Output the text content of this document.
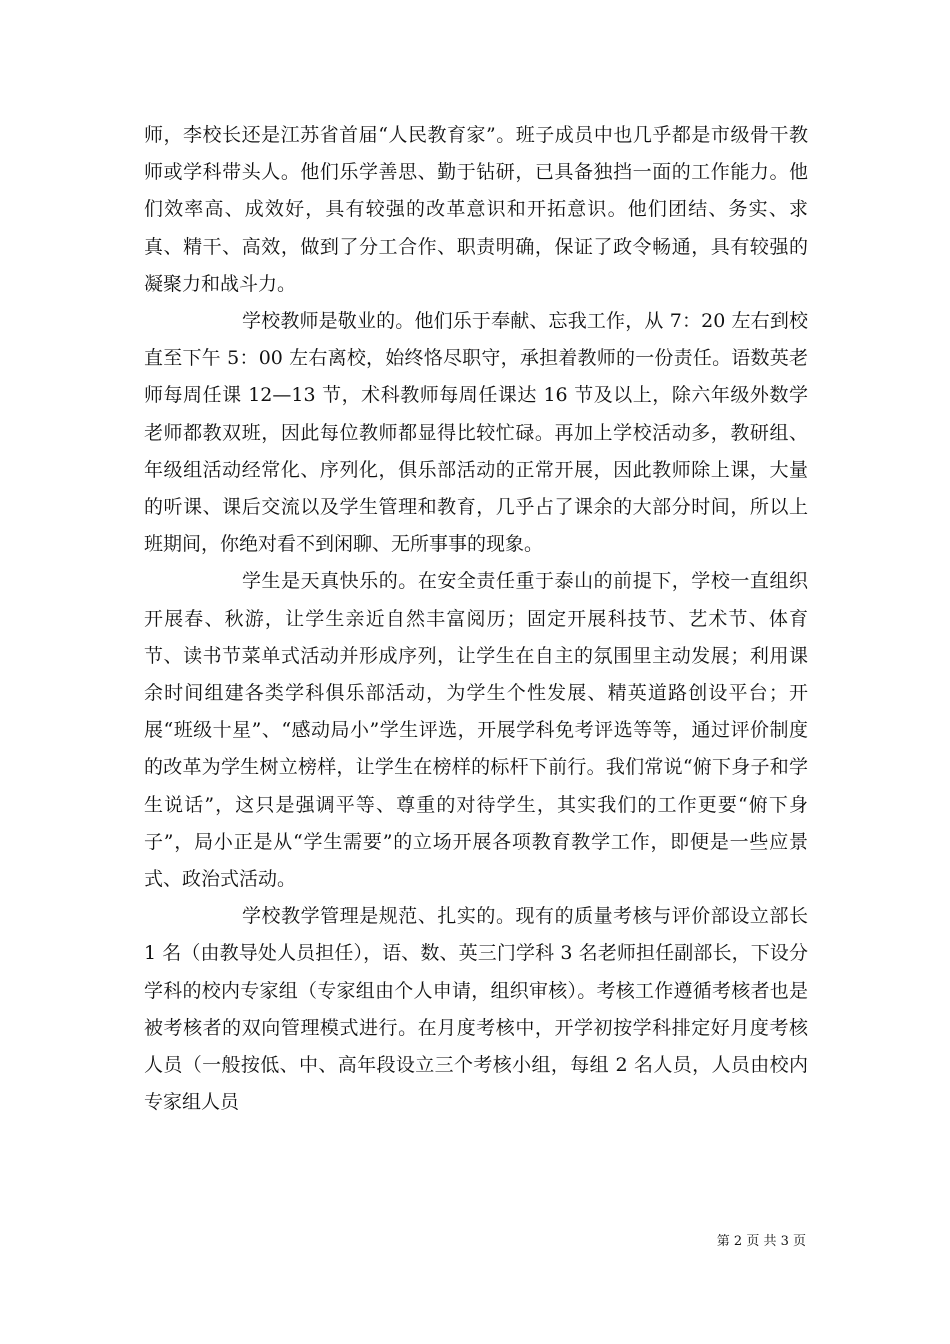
师，李校长还是江苏省首届“人民教育家”。班子成员中也几乎都是市级骨干教师或学科带头人。他们乐学善思、勤于钻研，已具备独挡一面的工作能力。他们效率高、成效好，具有较强的改革意识和开拓意识。他们团结、务实、求真、精干、高效，做到了分工合作、职责明确，保证了政令畅通，具有较强的凝聚力和战斗力。

学校教师是敬业的。他们乐于奉献、忘我工作，从 7：20 左右到校直至下午 5：00 左右离校，始终恪尽职守，承担着教师的一份责任。语数英老师每周任课 12—13 节，术科教师每周任课达 16 节及以上，除六年级外数学老师都教双班，因此每位教师都显得比较忙碌。再加上学校活动多，教研组、年级组活动经常化、序列化，俱乐部活动的正常开展，因此教师除上课，大量的听课、课后交流以及学生管理和教育，几乎占了课余的大部分时间，所以上班期间，你绝对看不到闲聊、无所事事的现象。

学生是天真快乐的。在安全责任重于泰山的前提下，学校一直组织开展春、秋游，让学生亲近自然丰富阅历；固定开展科技节、艺术节、体育节、读书节菜单式活动并形成序列，让学生在自主的氛围里主动发展；利用课余时间组建各类学科俱乐部活动，为学生个性发展、精英道路创设平台；开展“班级十星”、“感动局小”学生评选，开展学科免考评选等等，通过评价制度的改革为学生树立榜样，让学生在榜样的标杆下前行。我们常说“俯下身子和学生说话”，这只是强调平等、尊重的对待学生，其实我们的工作更要“俯下身子”，局小正是从“学生需要”的立场开展各项教育教学工作，即便是一些应景式、政治式活动。

学校教学管理是规范、扎实的。现有的质量考核与评价部设立部长 1 名（由教导处人员担任），语、数、英三门学科 3 名老师担任副部长，下设分学科的校内专家组（专家组由个人申请，组织审核）。考核工作遵循考核者也是被考核者的双向管理模式进行。在月度考核中，开学初按学科排定好月度考核人员（一般按低、中、高年段设立三个考核小组，每组 2 名人员，人员由校内专家组人员

第 2 页 共 3 页
